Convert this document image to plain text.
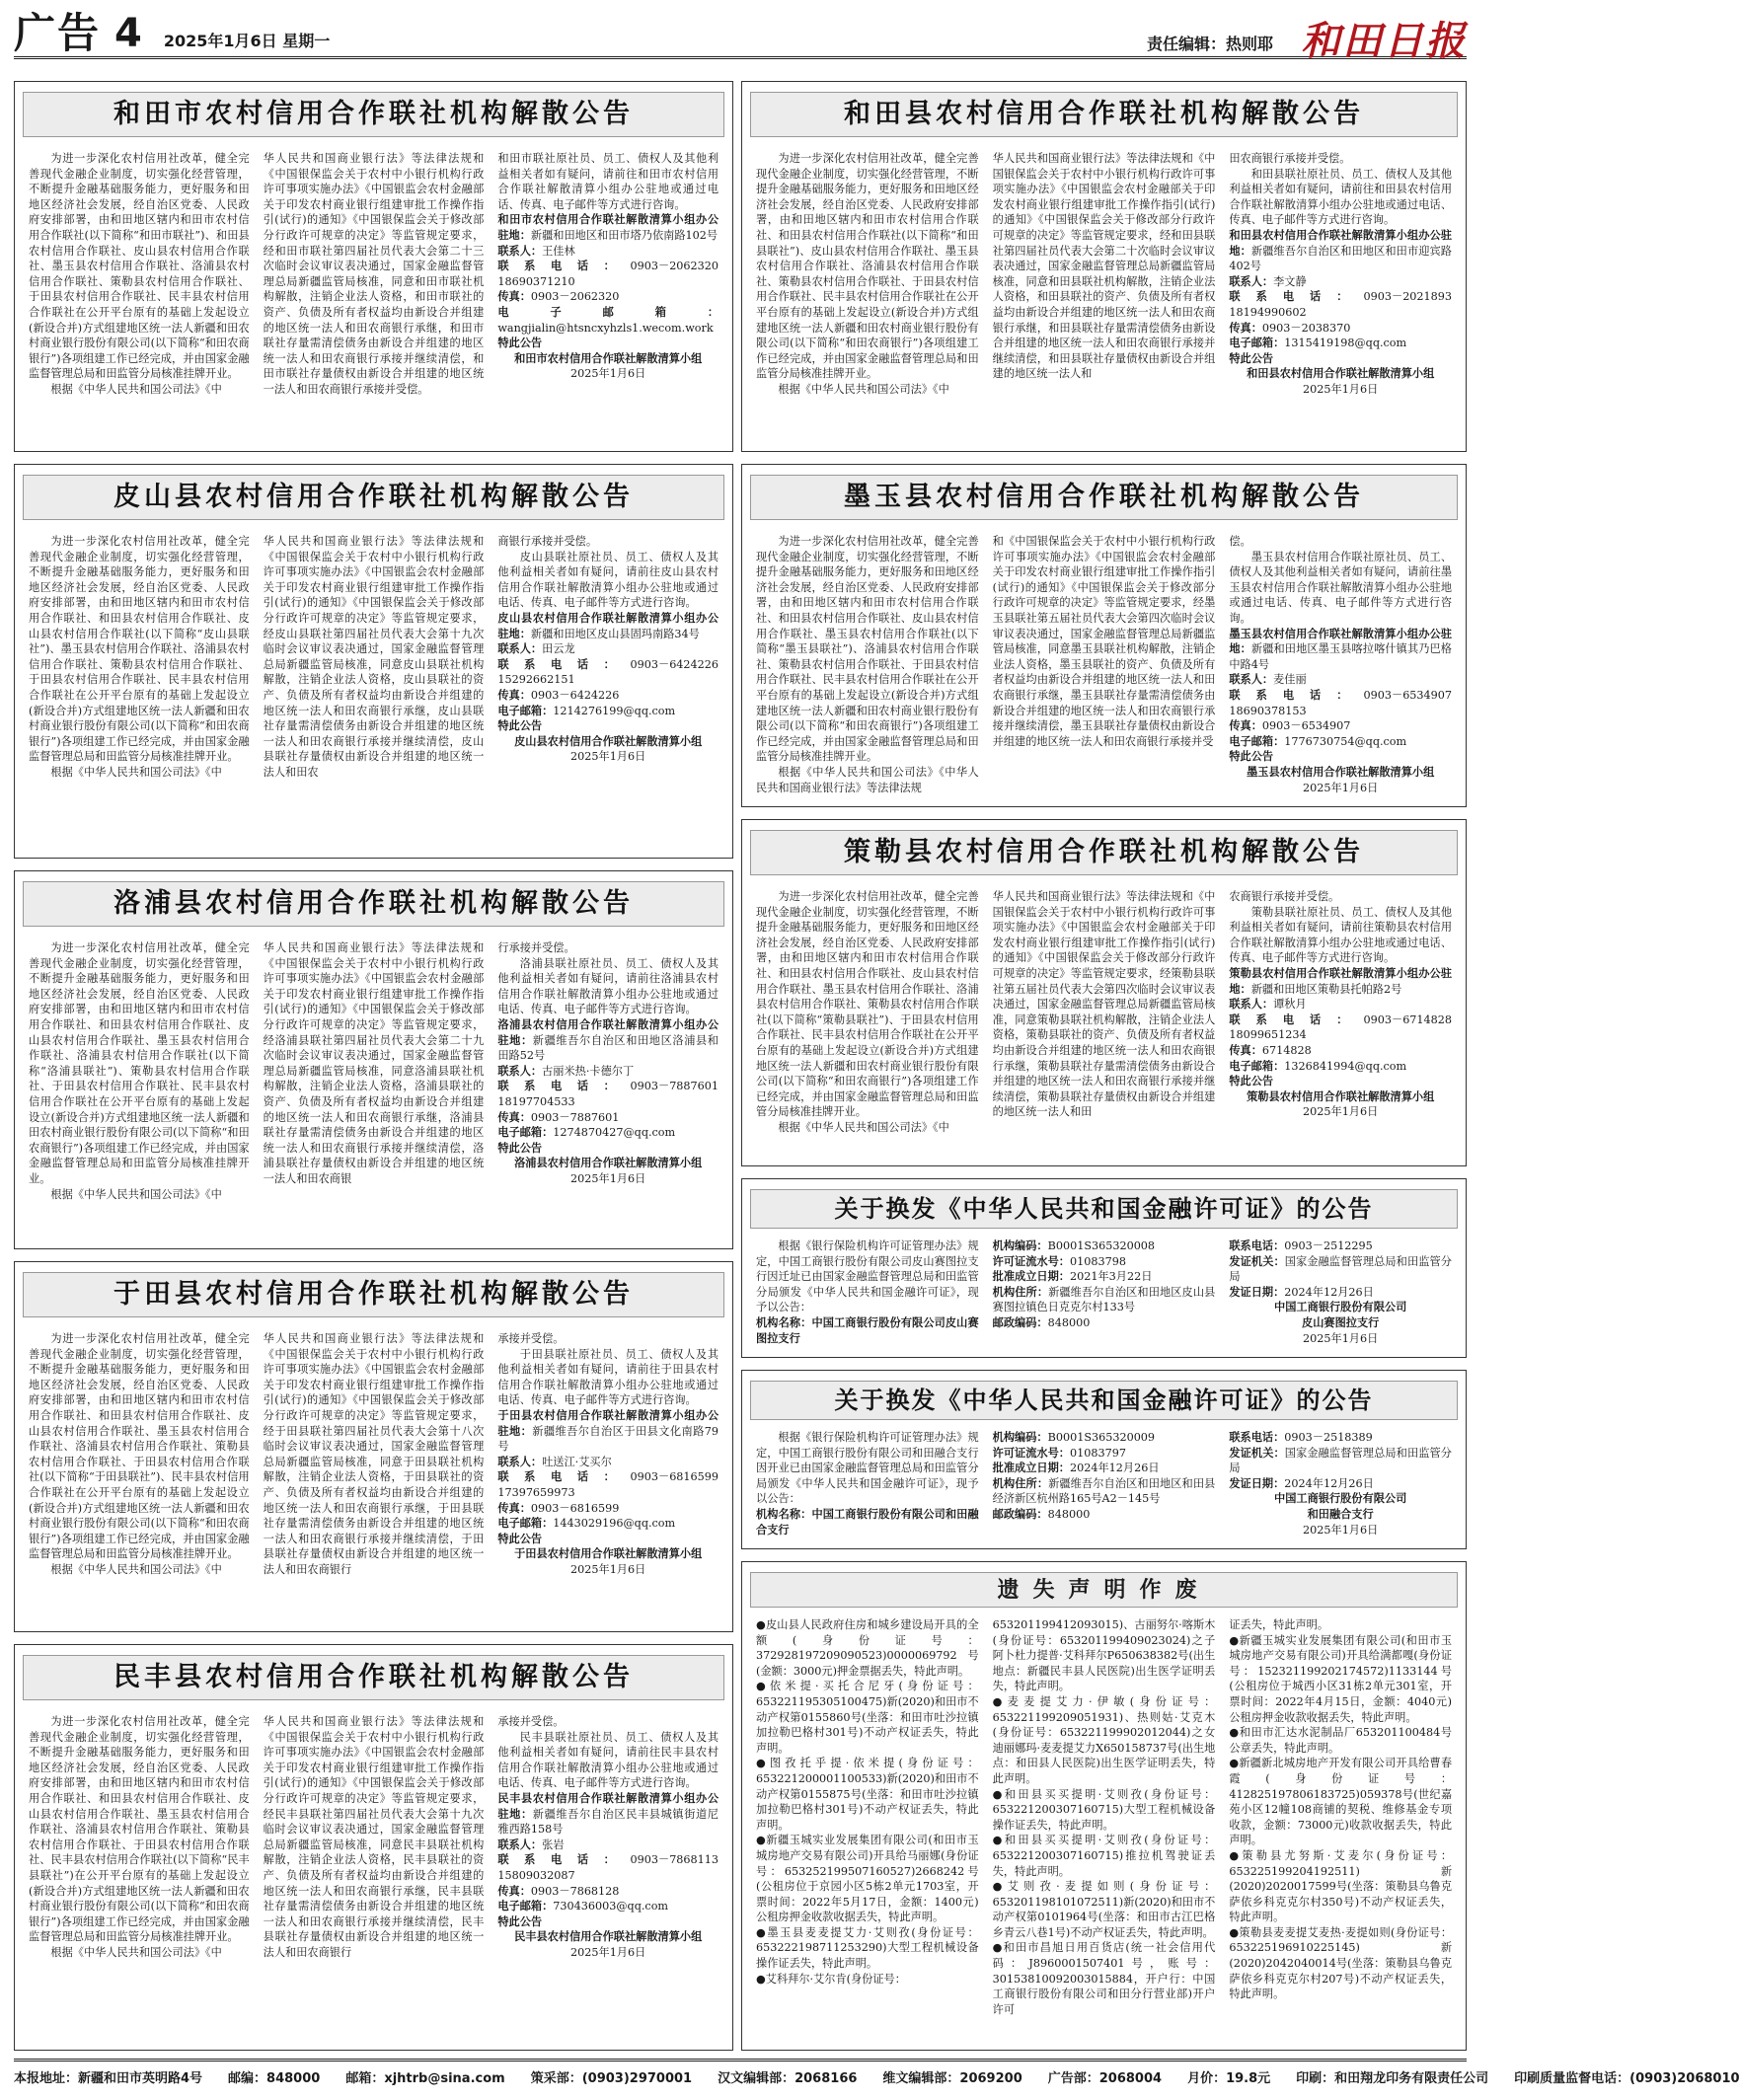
广告 4 2025年1月6日 星期一	责任编辑：热则耶 和田日报
和田市农村信用合作联社机构解散公告

为进一步深化农村信用社改革，健全完善现代金融企业制度，切实强化经营管理，不断提升金融基础服务能力，更好服务和田地区经济社会发展，经自治区党委、人民政府安排部署，由和田地区辖内和田市农村信用合作联社(以下简称“和田市联社”)、和田县农村信用合作联社、皮山县农村信用合作联社、墨玉县农村信用合作联社、洛浦县农村信用合作联社、策勒县农村信用合作联社、于田县农村信用合作联社、民丰县农村信用合作联社在公开平台原有的基础上发起设立(新设合并)方式组建地区统一法人新疆和田农村商业银行股份有限公司(以下简称“和田农商银行”)各项组建工作已经完成，并由国家金融监督管理总局和田监管分局核准挂牌开业。

根据《中华人民共和国公司法》《中

华人民共和国商业银行法》等法律法规和《中国银保监会关于农村中小银行机构行政许可事项实施办法》《中国银监会农村金融部关于印发农村商业银行组建审批工作操作指引(试行)的通知》《中国银保监会关于修改部分行政许可规章的决定》等监管规定要求，经和田市联社第四届社员代表大会第二十三次临时会议审议表决通过，国家金融监督管理总局新疆监管局核准，同意和田市联社机构解散，注销企业法人资格，和田市联社的资产、负债及所有者权益均由新设合并组建的地区统一法人和田农商银行承继，和田市联社存量需清偿债务由新设合并组建的地区统一法人和田农商银行承接并继续清偿，和田市联社存量债权由新设合并组建的地区统一法人和田农商银行承接并受偿。

和田市联社原社员、员工、债权人及其他利益相关者如有疑问，请前往和田市农村信用合作联社解散清算小组办公驻地或通过电话、传真、电子邮件等方式进行咨询。

和田市农村信用合作联社解散清算小组办公驻地：新疆和田地区和田市塔乃依南路102号

联系人：王佳林

联系电话：0903－2062320　　18690371210

传真：0903－2062320

电子邮箱：wangjialin@htsncxyhzls1.wecom.work

特此公告

和田市农村信用合作联社解散清算小组

2025年1月6日

皮山县农村信用合作联社机构解散公告

为进一步深化农村信用社改革，健全完善现代金融企业制度，切实强化经营管理，不断提升金融基础服务能力，更好服务和田地区经济社会发展，经自治区党委、人民政府安排部署，由和田地区辖内和田市农村信用合作联社、和田县农村信用合作联社、皮山县农村信用合作联社(以下简称“皮山县联社”)、墨玉县农村信用合作联社、洛浦县农村信用合作联社、策勒县农村信用合作联社、于田县农村信用合作联社、民丰县农村信用合作联社在公开平台原有的基础上发起设立(新设合并)方式组建地区统一法人新疆和田农村商业银行股份有限公司(以下简称“和田农商银行”)各项组建工作已经完成，并由国家金融监督管理总局和田监管分局核准挂牌开业。

根据《中华人民共和国公司法》《中

华人民共和国商业银行法》等法律法规和《中国银保监会关于农村中小银行机构行政许可事项实施办法》《中国银监会农村金融部关于印发农村商业银行组建审批工作操作指引(试行)的通知》《中国银保监会关于修改部分行政许可规章的决定》等监管规定要求，经皮山县联社第四届社员代表大会第十九次临时会议审议表决通过，国家金融监督管理总局新疆监管局核准，同意皮山县联社机构解散，注销企业法人资格，皮山县联社的资产、负债及所有者权益均由新设合并组建的地区统一法人和田农商银行承继，皮山县联社存量需清偿债务由新设合并组建的地区统一法人和田农商银行承接并继续清偿，皮山县联社存量债权由新设合并组建的地区统一法人和田农

商银行承接并受偿。

皮山县联社原社员、员工、债权人及其他利益相关者如有疑问，请前往皮山县农村信用合作联社解散清算小组办公驻地或通过电话、传真、电子邮件等方式进行咨询。

皮山县农村信用合作联社解散清算小组办公驻地：新疆和田地区皮山县固玛南路34号

联系人：田云龙

联系电话：0903－6424226　　15292662151

传真：0903－6424226

电子邮箱：1214276199@qq.com

特此公告

皮山县农村信用合作联社解散清算小组

2025年1月6日

洛浦县农村信用合作联社机构解散公告

为进一步深化农村信用社改革，健全完善现代金融企业制度，切实强化经营管理，不断提升金融基础服务能力，更好服务和田地区经济社会发展，经自治区党委、人民政府安排部署，由和田地区辖内和田市农村信用合作联社、和田县农村信用合作联社、皮山县农村信用合作联社、墨玉县农村信用合作联社、洛浦县农村信用合作联社(以下简称“洛浦县联社”)、策勒县农村信用合作联社、于田县农村信用合作联社、民丰县农村信用合作联社在公开平台原有的基础上发起设立(新设合并)方式组建地区统一法人新疆和田农村商业银行股份有限公司(以下简称“和田农商银行”)各项组建工作已经完成，并由国家金融监督管理总局和田监管分局核准挂牌开业。

根据《中华人民共和国公司法》《中

华人民共和国商业银行法》等法律法规和《中国银保监会关于农村中小银行机构行政许可事项实施办法》《中国银监会农村金融部关于印发农村商业银行组建审批工作操作指引(试行)的通知》《中国银保监会关于修改部分行政许可规章的决定》等监管规定要求，经洛浦县联社第四届社员代表大会第二十九次临时会议审议表决通过，国家金融监督管理总局新疆监管局核准，同意洛浦县联社机构解散，注销企业法人资格，洛浦县联社的资产、负债及所有者权益均由新设合并组建的地区统一法人和田农商银行承继，洛浦县联社存量需清偿债务由新设合并组建的地区统一法人和田农商银行承接并继续清偿，洛浦县联社存量债权由新设合并组建的地区统一法人和田农商银

行承接并受偿。

洛浦县联社原社员、员工、债权人及其他利益相关者如有疑问，请前往洛浦县农村信用合作联社解散清算小组办公驻地或通过电话、传真、电子邮件等方式进行咨询。

洛浦县农村信用合作联社解散清算小组办公驻地：新疆维吾尔自治区和田地区洛浦县和田路52号

联系人：古丽米热·卡德尔丁

联系电话：0903－7887601　　18197704533

传真：0903－7887601

电子邮箱：1274870427@qq.com

特此公告

洛浦县农村信用合作联社解散清算小组

2025年1月6日

于田县农村信用合作联社机构解散公告

为进一步深化农村信用社改革，健全完善现代金融企业制度，切实强化经营管理，不断提升金融基础服务能力，更好服务和田地区经济社会发展，经自治区党委、人民政府安排部署，由和田地区辖内和田市农村信用合作联社、和田县农村信用合作联社、皮山县农村信用合作联社、墨玉县农村信用合作联社、洛浦县农村信用合作联社、策勒县农村信用合作联社、于田县农村信用合作联社(以下简称“于田县联社”)、民丰县农村信用合作联社在公开平台原有的基础上发起设立(新设合并)方式组建地区统一法人新疆和田农村商业银行股份有限公司(以下简称“和田农商银行”)各项组建工作已经完成，并由国家金融监督管理总局和田监管分局核准挂牌开业。

根据《中华人民共和国公司法》《中

华人民共和国商业银行法》等法律法规和《中国银保监会关于农村中小银行机构行政许可事项实施办法》《中国银监会农村金融部关于印发农村商业银行组建审批工作操作指引(试行)的通知》《中国银保监会关于修改部分行政许可规章的决定》等监管规定要求，经于田县联社第四届社员代表大会第十八次临时会议审议表决通过，国家金融监督管理总局新疆监管局核准，同意于田县联社机构解散，注销企业法人资格，于田县联社的资产、负债及所有者权益均由新设合并组建的地区统一法人和田农商银行承继，于田县联社存量需清偿债务由新设合并组建的地区统一法人和田农商银行承接并继续清偿，于田县联社存量债权由新设合并组建的地区统一法人和田农商银行

承接并受偿。

于田县联社原社员、员工、债权人及其他利益相关者如有疑问，请前往于田县农村信用合作联社解散清算小组办公驻地或通过电话、传真、电子邮件等方式进行咨询。

于田县农村信用合作联社解散清算小组办公驻地：新疆维吾尔自治区于田县文化南路79号

联系人：吐送江·艾买尔

联系电话：0903－6816599　　17397659973

传真：0903－6816599

电子邮箱：1443029196@qq.com

特此公告

于田县农村信用合作联社解散清算小组

2025年1月6日

民丰县农村信用合作联社机构解散公告

为进一步深化农村信用社改革，健全完善现代金融企业制度，切实强化经营管理，不断提升金融基础服务能力，更好服务和田地区经济社会发展，经自治区党委、人民政府安排部署，由和田地区辖内和田市农村信用合作联社、和田县农村信用合作联社、皮山县农村信用合作联社、墨玉县农村信用合作联社、洛浦县农村信用合作联社、策勒县农村信用合作联社、于田县农村信用合作联社、民丰县农村信用合作联社(以下简称“民丰县联社”)在公开平台原有的基础上发起设立(新设合并)方式组建地区统一法人新疆和田农村商业银行股份有限公司(以下简称“和田农商银行”)各项组建工作已经完成，并由国家金融监督管理总局和田监管分局核准挂牌开业。

根据《中华人民共和国公司法》《中

华人民共和国商业银行法》等法律法规和《中国银保监会关于农村中小银行机构行政许可事项实施办法》《中国银监会农村金融部关于印发农村商业银行组建审批工作操作指引(试行)的通知》《中国银保监会关于修改部分行政许可规章的决定》等监管规定要求，经民丰县联社第四届社员代表大会第十九次临时会议审议表决通过，国家金融监督管理总局新疆监管局核准，同意民丰县联社机构解散，注销企业法人资格，民丰县联社的资产、负债及所有者权益均由新设合并组建的地区统一法人和田农商银行承继，民丰县联社存量需清偿债务由新设合并组建的地区统一法人和田农商银行承接并继续清偿，民丰县联社存量债权由新设合并组建的地区统一法人和田农商银行

承接并受偿。

民丰县联社原社员、员工、债权人及其他利益相关者如有疑问，请前往民丰县农村信用合作联社解散清算小组办公驻地或通过电话、传真、电子邮件等方式进行咨询。

民丰县农村信用合作联社解散清算小组办公驻地：新疆维吾尔自治区民丰县城镇街道尼雅西路158号

联系人：张岩

联系电话：0903－7868113　　15809032087

传真：0903－7868128

电子邮箱：730436003@qq.com

特此公告

民丰县农村信用合作联社解散清算小组

2025年1月6日

和田县农村信用合作联社机构解散公告

为进一步深化农村信用社改革，健全完善现代金融企业制度，切实强化经营管理，不断提升金融基础服务能力，更好服务和田地区经济社会发展，经自治区党委、人民政府安排部署，由和田地区辖内和田市农村信用合作联社、和田县农村信用合作联社(以下简称“和田县联社”)、皮山县农村信用合作联社、墨玉县农村信用合作联社、洛浦县农村信用合作联社、策勒县农村信用合作联社、于田县农村信用合作联社、民丰县农村信用合作联社在公开平台原有的基础上发起设立(新设合并)方式组建地区统一法人新疆和田农村商业银行股份有限公司(以下简称“和田农商银行”)各项组建工作已经完成，并由国家金融监督管理总局和田监管分局核准挂牌开业。

根据《中华人民共和国公司法》《中

华人民共和国商业银行法》等法律法规和《中国银保监会关于农村中小银行机构行政许可事项实施办法》《中国银监会农村金融部关于印发农村商业银行组建审批工作操作指引(试行)的通知》《中国银保监会关于修改部分行政许可规章的决定》等监管规定要求，经和田县联社第四届社员代表大会第二十次临时会议审议表决通过，国家金融监督管理总局新疆监管局核准，同意和田县联社机构解散，注销企业法人资格，和田县联社的资产、负债及所有者权益均由新设合并组建的地区统一法人和田农商银行承继，和田县联社存量需清偿债务由新设合并组建的地区统一法人和田农商银行承接并继续清偿，和田县联社存量债权由新设合并组建的地区统一法人和

田农商银行承接并受偿。

和田县联社原社员、员工、债权人及其他利益相关者如有疑问，请前往和田县农村信用合作联社解散清算小组办公驻地或通过电话、传真、电子邮件等方式进行咨询。

和田县农村信用合作联社解散清算小组办公驻地：新疆维吾尔自治区和田地区和田市迎宾路402号

联系人：李文静

联系电话：0903－2021893　　18194990602

传真：0903－2038370

电子邮箱：1315419198@qq.com

特此公告

和田县农村信用合作联社解散清算小组

2025年1月6日

墨玉县农村信用合作联社机构解散公告

为进一步深化农村信用社改革，健全完善现代金融企业制度，切实强化经营管理，不断提升金融基础服务能力，更好服务和田地区经济社会发展，经自治区党委、人民政府安排部署，由和田地区辖内和田市农村信用合作联社、和田县农村信用合作联社、皮山县农村信用合作联社、墨玉县农村信用合作联社(以下简称“墨玉县联社”)、洛浦县农村信用合作联社、策勒县农村信用合作联社、于田县农村信用合作联社、民丰县农村信用合作联社在公开平台原有的基础上发起设立(新设合并)方式组建地区统一法人新疆和田农村商业银行股份有限公司(以下简称“和田农商银行”)各项组建工作已经完成，并由国家金融监督管理总局和田监管分局核准挂牌开业。

根据《中华人民共和国公司法》《中华人民共和国商业银行法》等法律法规

和《中国银保监会关于农村中小银行机构行政许可事项实施办法》《中国银监会农村金融部关于印发农村商业银行组建审批工作操作指引(试行)的通知》《中国银保监会关于修改部分行政许可规章的决定》等监管规定要求，经墨玉县联社第五届社员代表大会第四次临时会议审议表决通过，国家金融监督管理总局新疆监管局核准，同意墨玉县联社机构解散，注销企业法人资格，墨玉县联社的资产、负债及所有者权益均由新设合并组建的地区统一法人和田农商银行承继，墨玉县联社存量需清偿债务由新设合并组建的地区统一法人和田农商银行承接并继续清偿，墨玉县联社存量债权由新设合并组建的地区统一法人和田农商银行承接并受

偿。

墨玉县农村信用合作联社原社员、员工、债权人及其他利益相关者如有疑问，请前往墨玉县农村信用合作联社解散清算小组办公驻地或通过电话、传真、电子邮件等方式进行咨询。

墨玉县农村信用合作联社解散清算小组办公驻地：新疆和田地区墨玉县喀拉喀什镇其乃巴格中路4号

联系人：麦佳丽

联系电话：0903－6534907　　18690378153

传真：0903－6534907

电子邮箱：1776730754@qq.com

特此公告

墨玉县农村信用合作联社解散清算小组

2025年1月6日

策勒县农村信用合作联社机构解散公告

为进一步深化农村信用社改革，健全完善现代金融企业制度，切实强化经营管理，不断提升金融基础服务能力，更好服务和田地区经济社会发展，经自治区党委、人民政府安排部署，由和田地区辖内和田市农村信用合作联社、和田县农村信用合作联社、皮山县农村信用合作联社、墨玉县农村信用合作联社、洛浦县农村信用合作联社、策勒县农村信用合作联社(以下简称“策勒县联社”)、于田县农村信用合作联社、民丰县农村信用合作联社在公开平台原有的基础上发起设立(新设合并)方式组建地区统一法人新疆和田农村商业银行股份有限公司(以下简称“和田农商银行”)各项组建工作已经完成，并由国家金融监督管理总局和田监管分局核准挂牌开业。

根据《中华人民共和国公司法》《中

华人民共和国商业银行法》等法律法规和《中国银保监会关于农村中小银行机构行政许可事项实施办法》《中国银监会农村金融部关于印发农村商业银行组建审批工作操作指引(试行)的通知》《中国银保监会关于修改部分行政许可规章的决定》等监管规定要求，经策勒县联社第五届社员代表大会第四次临时会议审议表决通过，国家金融监督管理总局新疆监管局核准，同意策勒县联社机构解散，注销企业法人资格，策勒县联社的资产、负债及所有者权益均由新设合并组建的地区统一法人和田农商银行承继，策勒县联社存量需清偿债务由新设合并组建的地区统一法人和田农商银行承接并继续清偿，策勒县联社存量债权由新设合并组建的地区统一法人和田

农商银行承接并受偿。

策勒县联社原社员、员工、债权人及其他利益相关者如有疑问，请前往策勒县农村信用合作联社解散清算小组办公驻地或通过电话、传真、电子邮件等方式进行咨询。

策勒县农村信用合作联社解散清算小组办公驻地：新疆和田地区策勒县托帕路2号

联系人：谭秋月

联系电话：0903－6714828　　18099651234

传真：6714828

电子邮箱：1326841994@qq.com

特此公告

策勒县农村信用合作联社解散清算小组

2025年1月6日

关于换发《中华人民共和国金融许可证》的公告

根据《银行保险机构许可证管理办法》规定，中国工商银行股份有限公司皮山赛图拉支行因迁址已由国家金融监督管理总局和田监管分局颁发《中华人民共和国金融许可证》，现予以公告：

机构名称：中国工商银行股份有限公司皮山赛图拉支行

机构编码：B0001S365320008

许可证流水号：01083798

批准成立日期：2021年3月22日

机构住所：新疆维吾尔自治区和田地区皮山县赛图拉镇色日克克尔村133号

邮政编码：848000

联系电话：0903－2512295

发证机关：国家金融监督管理总局和田监管分局

发证日期：2024年12月26日

中国工商银行股份有限公司

皮山赛图拉支行

2025年1月6日

关于换发《中华人民共和国金融许可证》的公告

根据《银行保险机构许可证管理办法》规定，中国工商银行股份有限公司和田融合支行因开业已由国家金融监督管理总局和田监管分局颁发《中华人民共和国金融许可证》，现予以公告：

机构名称：中国工商银行股份有限公司和田融合支行

机构编码：B0001S365320009

许可证流水号：01083797

批准成立日期：2024年12月26日

机构住所：新疆维吾尔自治区和田地区和田县经济新区杭州路165号A2－145号

邮政编码：848000

联系电话：0903－2518389

发证机关：国家金融监督管理总局和田监管分局

发证日期：2024年12月26日

中国工商银行股份有限公司

和田融合支行

2025年1月6日

遗失声明作废

●皮山县人民政府住房和城乡建设局开具的全额(身份证号：372928197209090523)0000069792号(金额：3000元)押金票据丢失，特此声明。

●依米提·买托合尼牙(身份证号：653221195305100475)新(2020)和田市不动产权第0155860号(坐落：和田市吐沙拉镇加拉勒巴格村301号)不动产权证丢失，特此声明。

●图孜托乎提·依米提(身份证号：653221200001100533)新(2020)和田市不动产权第0155875号(坐落：和田市吐沙拉镇加拉勒巴格村301号)不动产权证丢失，特此声明。

●新疆玉城实业发展集团有限公司(和田市玉城房地产交易有限公司)开具给马丽娜(身份证号：653252199507160527)2668242号(公租房位于京园小区5栋2单元1703室，开票时间：2022年5月17日，金额：1400元)公租房押金收款收据丢失，特此声明。

●墨玉县麦麦提艾力·艾则孜(身份证号：653222198711253290)大型工程机械设备操作证丢失，特此声明。

●艾科拜尔·艾尔肯(身份证号：

653201199412093015)、古丽努尔·喀斯木(身份证号：653201199409023024)之子阿卜杜力提普·艾科拜尔P650638382号(出生地点：新疆民丰县人民医院)出生医学证明丢失，特此声明。

●麦麦提艾力·伊敏(身份证号：653221199209051931)、热则姑·艾克木(身份证号：653221199902012044)之女迪丽娜玛·麦麦提艾力X650158737号(出生地点：和田县人民医院)出生医学证明丢失，特此声明。

●和田县买买提明·艾则孜(身份证号：653221200307160715)大型工程机械设备操作证丢失，特此声明。

●和田县买买提明·艾则孜(身份证号：653221200307160715)推拉机驾驶证丢失，特此声明。

●艾则孜·麦提如则(身份证号：653201198101072511)新(2020)和田市不动产权第0101964号(坐落：和田市古江巴格乡青云八巷1号)不动产权证丢失，特此声明。

●和田市昌旭日用百货店(统一社会信用代码：J8960001507401号，账号：30153810092003015884，开户行：中国工商银行股份有限公司和田分行营业部)开户许可

证丢失，特此声明。

●新疆玉城实业发展集团有限公司(和田市玉城房地产交易有限公司)开具给满都嘎(身份证号：152321199202174572)1133144号(公租房位于城西小区31栋2单元301室，开票时间：2022年4月15日，金额：4040元)公租房押金收款收据丢失，特此声明。

●和田市汇达水泥制品厂653201100484号公章丢失，特此声明。

●新疆新北城房地产开发有限公司开具给曹春霞(身份证号：412825197806183725)059378号(世纪嘉苑小区12幢108商铺的契税、维修基金专项收款，金额：73000元)收款收据丢失，特此声明。

●策勒县尤努斯·艾麦尔(身份证号：653225199204192511)新(2020)2020017599号(坐落：策勒县乌鲁克萨依乡科克克尔村350号)不动产权证丢失，特此声明。

●策勒县麦麦提艾麦热·麦提如则(身份证号：653225196910225145)新(2020)2042040014号(坐落：策勒县乌鲁克萨依乡科克克尔村207号)不动产权证丢失，特此声明。

本报地址：新疆和田市英明路4号 邮编：848000 邮箱：xjhtrb@sina.com 策采部：(0903)2970001 汉文编辑部：2068166 维文编辑部：2069200 广告部：2068004 月价：19.8元 印刷：和田翔龙印务有限责任公司 印刷质量监督电话：(0903)2068010
